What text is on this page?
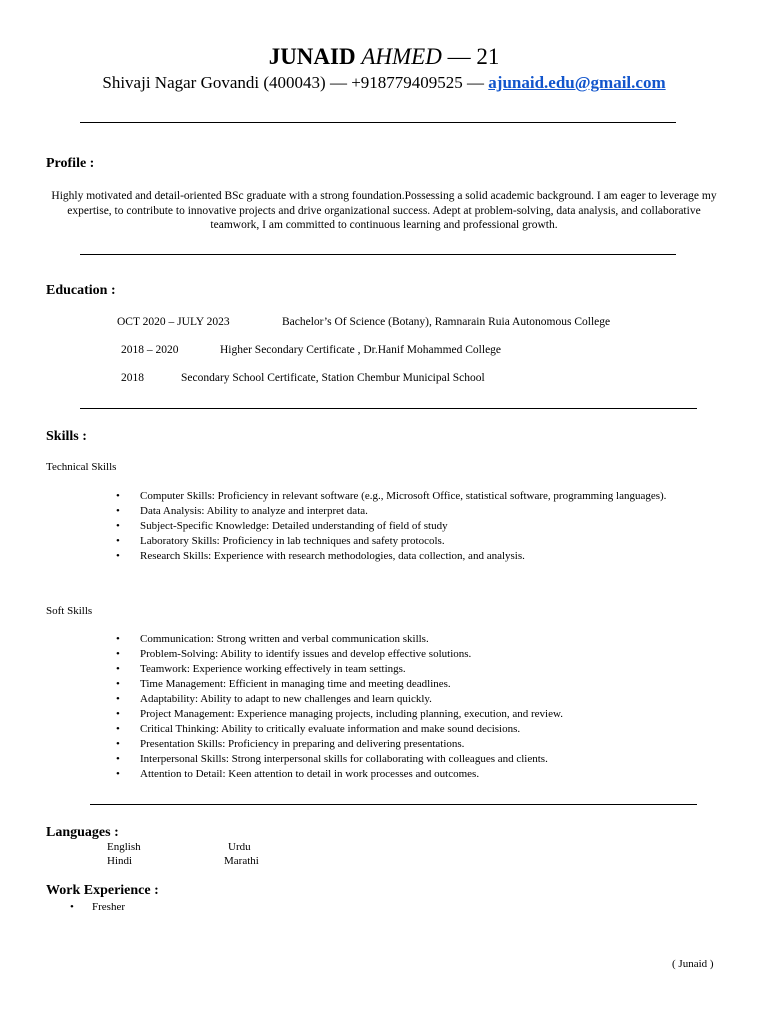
JUNAID AHMED — 21
Shivaji Nagar Govandi (400043) — +918779409525 — ajunaid.edu@gmail.com
Profile :
Highly motivated and detail-oriented BSc graduate with a strong foundation.Possessing a solid academic background. I am eager to leverage my expertise, to contribute to innovative projects and drive organizational success. Adept at problem-solving, data analysis, and collaborative teamwork, I am committed to continuous learning and professional growth.
Education :
OCT 2020 – JULY 2023	Bachelor’s Of Science (Botany), Ramnarain Ruia Autonomous College
2018 – 2020	Higher Secondary Certificate , Dr.Hanif Mohammed College
2018	Secondary School Certificate, Station Chembur Municipal School
Skills :
Technical Skills
• Computer Skills: Proficiency in relevant software (e.g., Microsoft Office, statistical software, programming languages).
• Data Analysis: Ability to analyze and interpret data.
• Subject-Specific Knowledge: Detailed understanding of field of study
• Laboratory Skills: Proficiency in lab techniques and safety protocols.
• Research Skills: Experience with research methodologies, data collection, and analysis.
Soft Skills
• Communication: Strong written and verbal communication skills.
• Problem-Solving: Ability to identify issues and develop effective solutions.
• Teamwork: Experience working effectively in team settings.
• Time Management: Efficient in managing time and meeting deadlines.
• Adaptability: Ability to adapt to new challenges and learn quickly.
• Project Management: Experience managing projects, including planning, execution, and review.
• Critical Thinking: Ability to critically evaluate information and make sound decisions.
• Presentation Skills: Proficiency in preparing and delivering presentations.
• Interpersonal Skills: Strong interpersonal skills for collaborating with colleagues and clients.
• Attention to Detail: Keen attention to detail in work processes and outcomes.
Languages :
English	Urdu
Hindi	Marathi
Work Experience :
• Fresher
( Junaid )
